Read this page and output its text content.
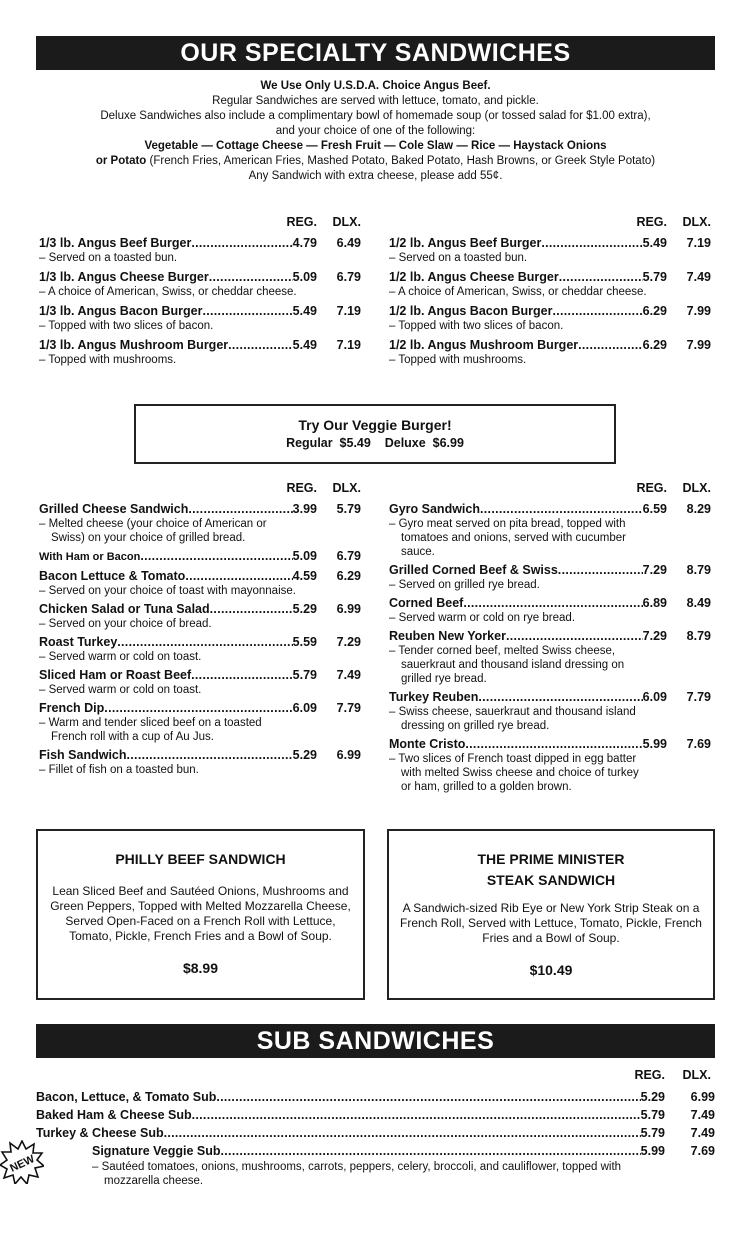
OUR SPECIALTY SANDWICHES
We Use Only U.S.D.A. Choice Angus Beef.
Regular Sandwiches are served with lettuce, tomato, and pickle.
Deluxe Sandwiches also include a complimentary bowl of homemade soup (or tossed salad for $1.00 extra),
and your choice of one of the following:
Vegetable — Cottage Cheese — Fresh Fruit — Cole Slaw — Rice — Haystack Onions
or Potato (French Fries, American Fries, Mashed Potato, Baked Potato, Hash Browns, or Greek Style Potato)
Any Sandwich with extra cheese, please add 55¢.
REG. DLX.
1/3 lb. Angus Beef Burger .....	4.79	6.49
– Served on a toasted bun.
1/3 lb. Angus Cheese Burger .....	5.09	6.79
– A choice of American, Swiss, or cheddar cheese.
1/3 lb. Angus Bacon Burger .....	5.49	7.19
– Topped with two slices of bacon.
1/3 lb. Angus Mushroom Burger .....	5.49	7.19
– Topped with mushrooms.
REG. DLX.
1/2 lb. Angus Beef Burger .....	5.49	7.19
– Served on a toasted bun.
1/2 lb. Angus Cheese Burger .....	5.79	7.49
– A choice of American, Swiss, or cheddar cheese.
1/2 lb. Angus Bacon Burger .....	6.29	7.99
– Topped with two slices of bacon.
1/2 lb. Angus Mushroom Burger .....	6.29	7.99
– Topped with mushrooms.
Try Our Veggie Burger!
Regular  $5.49    Deluxe  $6.99
REG. DLX.
Grilled Cheese Sandwich .....	3.99	5.79
– Melted cheese (your choice of American or Swiss) on your choice of grilled bread.
With Ham or Bacon .....	5.09	6.79
Bacon Lettuce & Tomato .....	4.59	6.29
– Served on your choice of toast with mayonnaise.
Chicken Salad or Tuna Salad .....	5.29	6.99
– Served on your choice of bread.
Roast Turkey .....	5.59	7.29
– Served warm or cold on toast.
Sliced Ham or Roast Beef .....	5.79	7.49
– Served warm or cold on toast.
French Dip .....	6.09	7.79
– Warm and tender sliced beef on a toasted French roll with a cup of Au Jus.
Fish Sandwich .....	5.29	6.99
– Fillet of fish on a toasted bun.
REG. DLX.
Gyro Sandwich .....	6.59	8.29
– Gyro meat served on pita bread, topped with tomatoes and onions, served with cucumber sauce.
Grilled Corned Beef & Swiss .....	7.29	8.79
– Served on grilled rye bread.
Corned Beef .....	6.89	8.49
– Served warm or cold on rye bread.
Reuben New Yorker .....	7.29	8.79
– Tender corned beef, melted Swiss cheese, sauerkraut and thousand island dressing on grilled rye bread.
Turkey Reuben .....	6.09	7.79
– Swiss cheese, sauerkraut and thousand island dressing on grilled rye bread.
Monte Cristo .....	5.99	7.69
– Two slices of French toast dipped in egg batter with melted Swiss cheese and choice of turkey or ham, grilled to a golden brown.
PHILLY BEEF SANDWICH
Lean Sliced Beef and Sautéed Onions, Mushrooms and Green Peppers, Topped with Melted Mozzarella Cheese, Served Open-Faced on a French Roll with Lettuce, Tomato, Pickle, French Fries and a Bowl of Soup.
$8.99
THE PRIME MINISTER
STEAK SANDWICH
A Sandwich-sized Rib Eye or New York Strip Steak on a French Roll, Served with Lettuce, Tomato, Pickle, French Fries and a Bowl of Soup.
$10.49
SUB SANDWICHES
REG. DLX.
Bacon, Lettuce, & Tomato Sub .....	5.29	6.99
Baked Ham & Cheese Sub .....	5.79	7.49
Turkey & Cheese Sub .....	5.79	7.49
Signature Veggie Sub .....	5.99	7.69
– Sautéed tomatoes, onions, mushrooms, carrots, peppers, celery, broccoli, and cauliflower, topped with mozzarella cheese.
NEW
